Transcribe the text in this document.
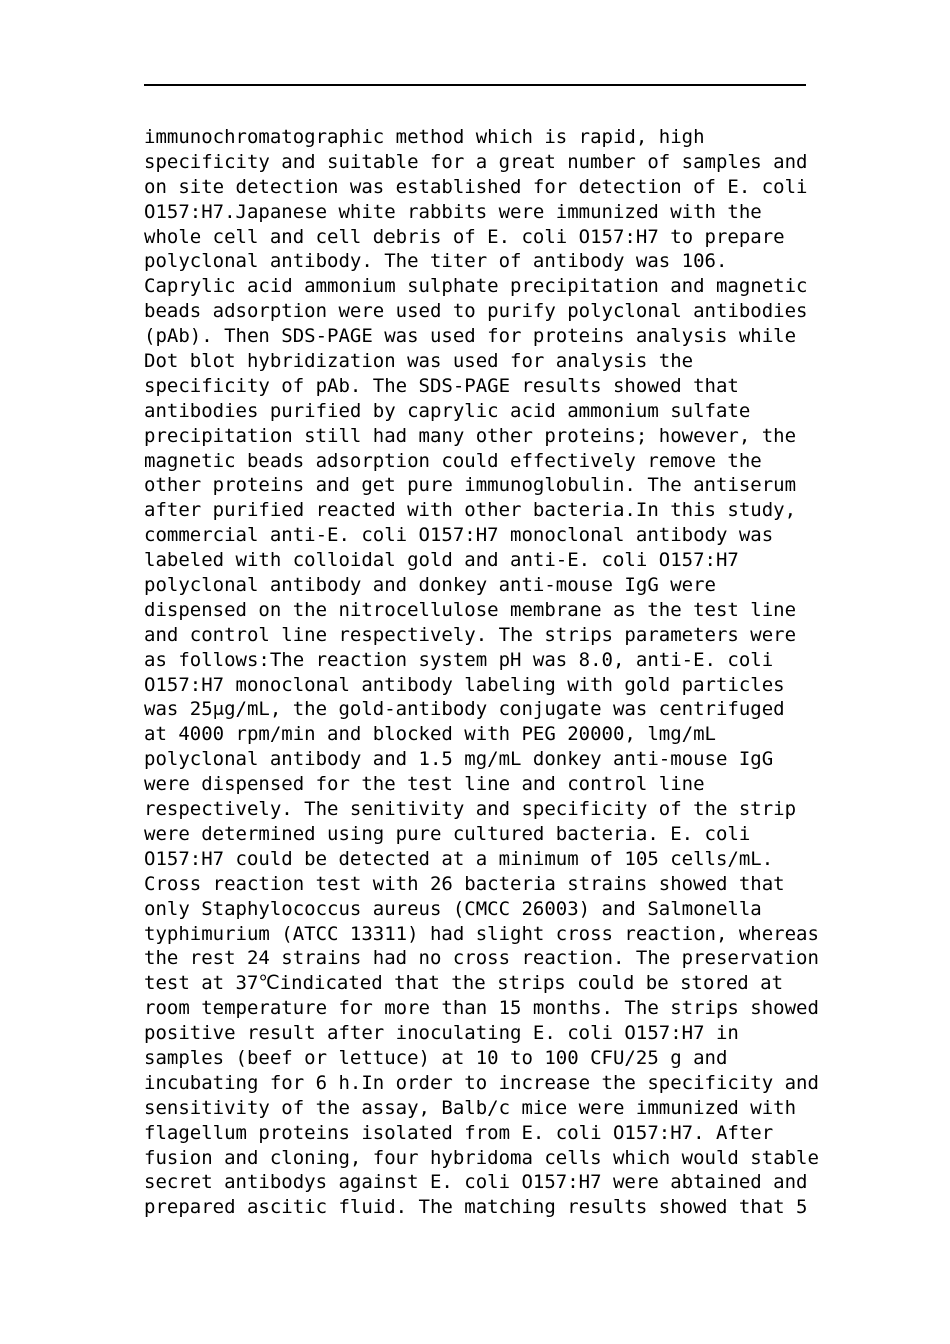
immunochromatographic method which is rapid, high
specificity and suitable for a great number of samples and
on site detection was established for detection of E. coli
O157:H7.Japanese white rabbits were immunized with the
whole cell and cell debris of E. coli O157:H7 to prepare
polyclonal antibody. The titer of antibody was 106.
Caprylic acid ammonium sulphate precipitation and magnetic
beads adsorption were used to purify polyclonal antibodies
(pAb). Then SDS-PAGE was used for proteins analysis while
Dot blot hybridization was used for analysis the
specificity of pAb. The SDS-PAGE results showed that
antibodies purified by caprylic acid ammonium sulfate
precipitation still had many other proteins; however, the
magnetic beads adsorption could effectively remove the
other proteins and get pure immunoglobulin. The antiserum
after purified reacted with other bacteria.In this study,
commercial anti-E. coli O157:H7 monoclonal antibody was
labeled with colloidal gold and anti-E. coli O157:H7
polyclonal antibody and donkey anti-mouse IgG were
dispensed on the nitrocellulose membrane as the test line
and control line respectively. The strips parameters were
as follows:The reaction system pH was 8.0, anti-E. coli
O157:H7 monoclonal antibody labeling with gold particles
was 25μg/mL, the gold-antibody conjugate was centrifuged
at 4000 rpm/min and blocked with PEG 20000, lmg/mL
polyclonal antibody and 1.5 mg/mL donkey anti-mouse IgG
were dispensed for the test line and control line
respectively. The senitivity and specificity of the strip
were determined using pure cultured bacteria. E. coli
O157:H7 could be detected at a minimum of 105 cells/mL.
Cross reaction test with 26 bacteria strains showed that
only Staphylococcus aureus (CMCC 26003) and Salmonella
typhimurium (ATCC 13311) had slight cross reaction, whereas
the rest 24 strains had no cross reaction. The preservation
test at 37℃indicated that the strips could be stored at
room temperature for more than 15 months. The strips showed
positive result after inoculating E. coli O157:H7 in
samples (beef or lettuce) at 10 to 100 CFU/25 g and
incubating for 6 h.In order to increase the specificity and
sensitivity of the assay, Balb/c mice were immunized with
flagellum proteins isolated from E. coli O157:H7. After
fusion and cloning, four hybridoma cells which would stable
secret antibodys against E. coli O157:H7 were abtained and
prepared ascitic fluid. The matching results showed that 5
